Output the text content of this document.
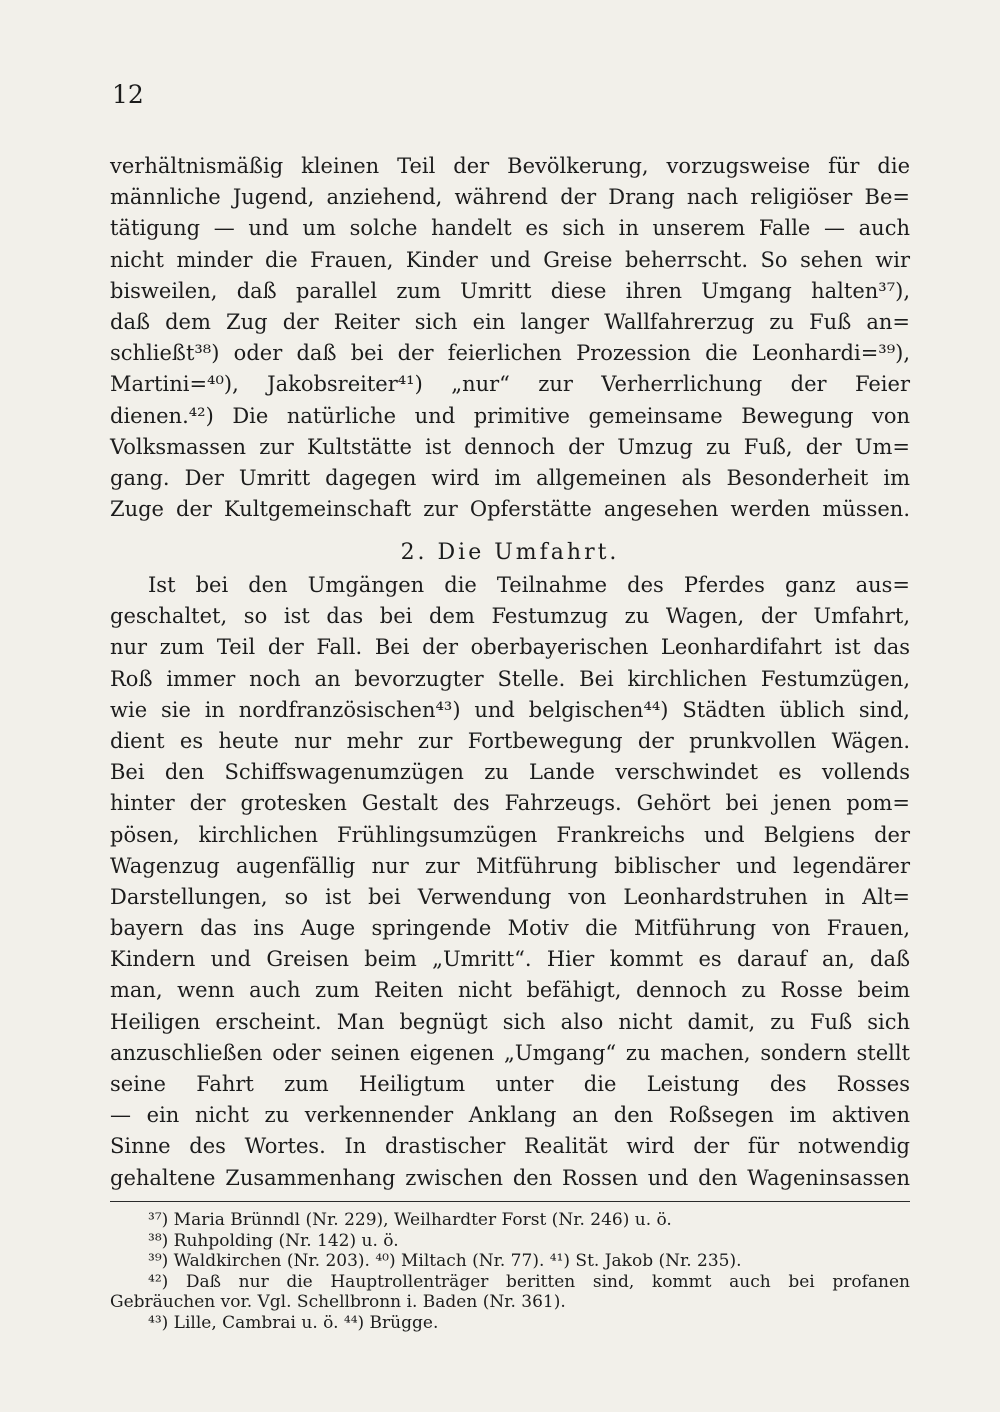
12
verhältnismäßig kleinen Teil der Bevölkerung, vorzugsweise für die
männliche Jugend, anziehend, während der Drang nach religiöser Be=
tätigung — und um solche handelt es sich in unserem Falle — auch
nicht minder die Frauen, Kinder und Greise beherrscht. So sehen wir
bisweilen, daß parallel zum Umritt diese ihren Umgang halten³⁷),
daß dem Zug der Reiter sich ein langer Wallfahrerzug zu Fuß an=
schließt³⁸) oder daß bei der feierlichen Prozession die Leonhardi=³⁹),
Martini=⁴⁰), Jakobsreiter⁴¹) „nur“ zur Verherrlichung der Feier
dienen.⁴²) Die natürliche und primitive gemeinsame Bewegung von
Volksmassen zur Kultstätte ist dennoch der Umzug zu Fuß, der Um=
gang. Der Umritt dagegen wird im allgemeinen als Besonderheit im
Zuge der Kultgemeinschaft zur Opferstätte angesehen werden müssen.
2. Die Umfahrt.
Ist bei den Umgängen die Teilnahme des Pferdes ganz aus=
geschaltet, so ist das bei dem Festumzug zu Wagen, der Umfahrt,
nur zum Teil der Fall. Bei der oberbayerischen Leonhardifahrt ist das
Roß immer noch an bevorzugter Stelle. Bei kirchlichen Festumzügen,
wie sie in nordfranzösischen⁴³) und belgischen⁴⁴) Städten üblich sind,
dient es heute nur mehr zur Fortbewegung der prunkvollen Wägen.
Bei den Schiffswagenumzügen zu Lande verschwindet es vollends
hinter der grotesken Gestalt des Fahrzeugs. Gehört bei jenen pom=
pösen, kirchlichen Frühlingsumzügen Frankreichs und Belgiens der
Wagenzug augenfällig nur zur Mitführung biblischer und legendärer
Darstellungen, so ist bei Verwendung von Leonhardstruhen in Alt=
bayern das ins Auge springende Motiv die Mitführung von Frauen,
Kindern und Greisen beim „Umritt“. Hier kommt es darauf an, daß
man, wenn auch zum Reiten nicht befähigt, dennoch zu Rosse beim
Heiligen erscheint. Man begnügt sich also nicht damit, zu Fuß sich
anzuschließen oder seinen eigenen „Umgang“ zu machen, sondern stellt
seine Fahrt zum Heiligtum unter die Leistung des Rosses
— ein nicht zu verkennender Anklang an den Roßsegen im aktiven
Sinne des Wortes. In drastischer Realität wird der für notwendig
gehaltene Zusammenhang zwischen den Rossen und den Wageninsassen
³⁷) Maria Brünndl (Nr. 229), Weilhardter Forst (Nr. 246) u. ö.
³⁸) Ruhpolding (Nr. 142) u. ö.
³⁹) Waldkirchen (Nr. 203). ⁴⁰) Miltach (Nr. 77). ⁴¹) St. Jakob (Nr. 235).
⁴²) Daß nur die Hauptrollenträger beritten sind, kommt auch bei profanen
Gebräuchen vor. Vgl. Schellbronn i. Baden (Nr. 361).
⁴³) Lille, Cambrai u. ö. ⁴⁴) Brügge.
